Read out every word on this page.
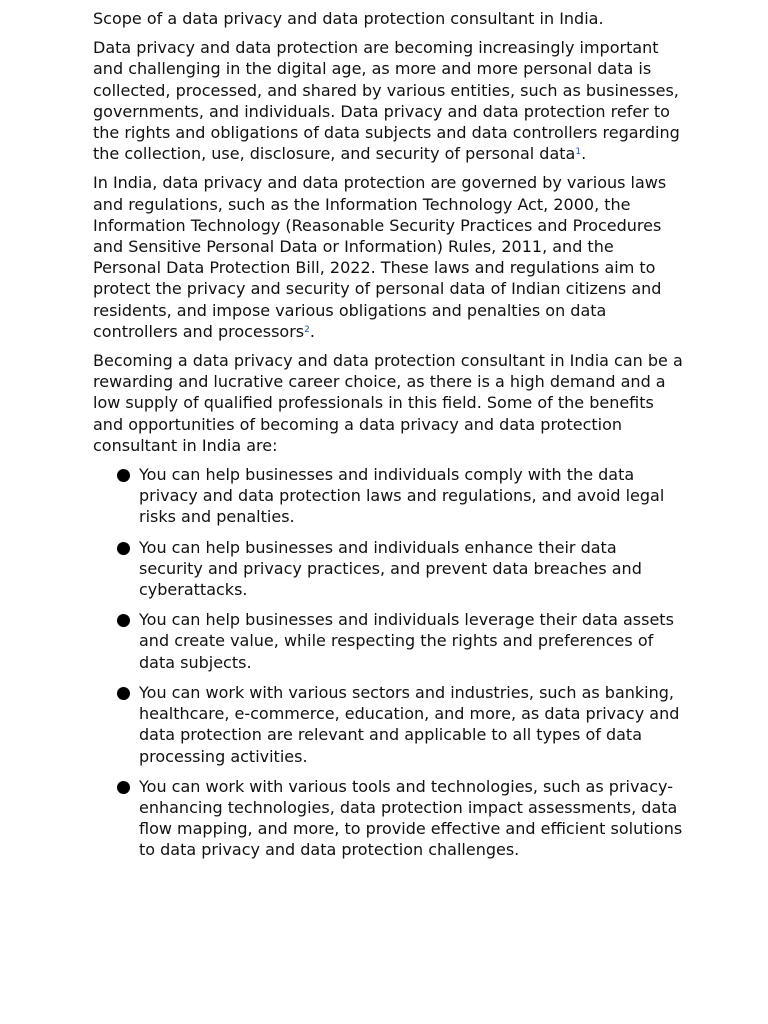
Scope of a data privacy and data protection consultant in India.

Data privacy and data protection are becoming increasingly important and challenging in the digital age, as more and more personal data is collected, processed, and shared by various entities, such as businesses, governments, and individuals. Data privacy and data protection refer to the rights and obligations of data subjects and data controllers regarding the collection, use, disclosure, and security of personal data$^1$.

In India, data privacy and data protection are governed by various laws and regulations, such as the Information Technology Act, 2000, the Information Technology (Reasonable Security Practices and Procedures and Sensitive Personal Data or Information) Rules, 2011, and the Personal Data Protection Bill, 2022. These laws and regulations aim to protect the privacy and security of personal data of Indian citizens and residents, and impose various obligations and penalties on data controllers and processors$^2$.

Becoming a data privacy and data protection consultant in India can be a rewarding and lucrative career choice, as there is a high demand and a low supply of qualified professionals in this field. Some of the benefits and opportunities of becoming a data privacy and data protection consultant in India are:

You can help businesses and individuals comply with the data privacy and data protection laws and regulations, and avoid legal risks and penalties.
You can help businesses and individuals enhance their data security and privacy practices, and prevent data breaches and cyberattacks.
You can help businesses and individuals leverage their data assets and create value, while respecting the rights and preferences of data subjects.
You can work with various sectors and industries, such as banking, healthcare, e-commerce, education, and more, as data privacy and data protection are relevant and applicable to all types of data processing activities.
You can work with various tools and technologies, such as privacy-enhancing technologies, data protection impact assessments, data flow mapping, and more, to provide effective and efficient solutions to data privacy and data protection challenges.
